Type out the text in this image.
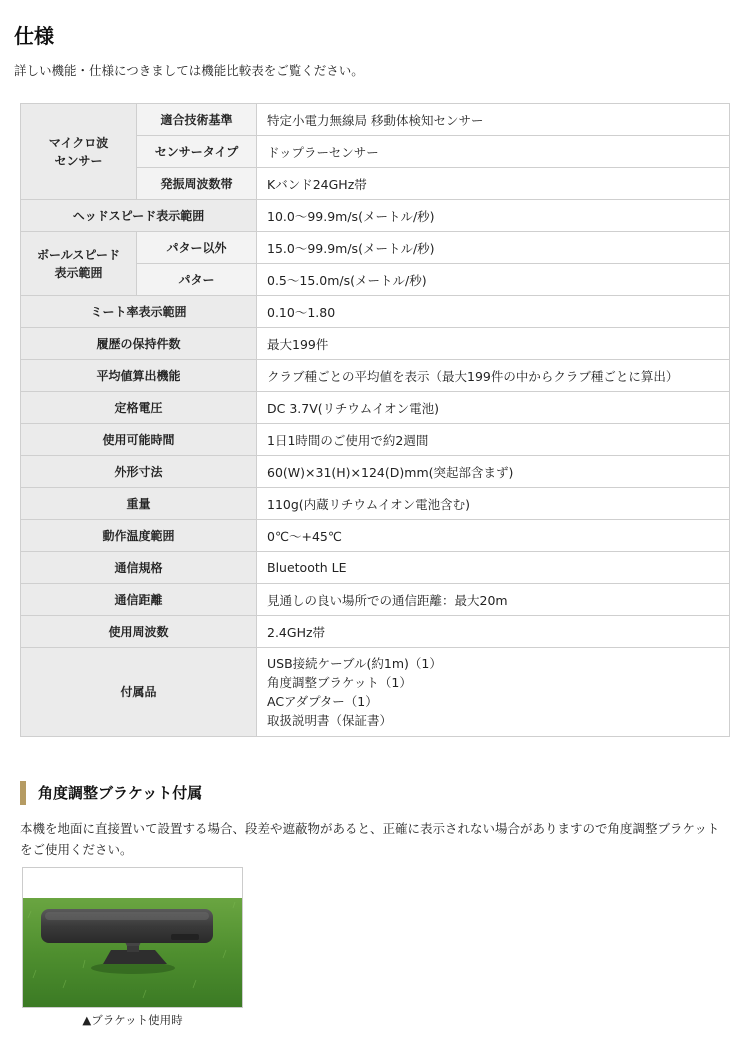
仕様

詳しい機能・仕様につきましては機能比較表をご覧ください。

マイクロ波
センサー	適合技術基準	特定小電力無線局 移動体検知センサー
	センサータイプ	ドップラーセンサー
	発振周波数帯	Kバンド24GHz帯
ヘッドスピード表示範囲		10.0～99.9m/s(メートル/秒)
ボールスピード
表示範囲	パター以外	15.0～99.9m/s(メートル/秒)
	パター	0.5～15.0m/s(メートル/秒)
ミート率表示範囲		0.10～1.80
履歴の保持件数		最大199件
平均値算出機能		クラブ種ごとの平均値を表示（最大199件の中からクラブ種ごとに算出）
定格電圧		DC 3.7V(リチウムイオン電池)
使用可能時間		1日1時間のご使用で約2週間
外形寸法		60(W)×31(H)×124(D)mm(突起部含まず)
重量		110g(内蔵リチウムイオン電池含む)
動作温度範囲		0℃～+45℃
通信規格		Bluetooth LE
通信距離		見通しの良い場所での通信距離：最大20m
使用周波数		2.4GHz帯
付属品		USB接続ケーブル(約1m)（1）
角度調整ブラケット（1）
ACアダプター（1）
取扱説明書（保証書）
角度調整ブラケット付属

本機を地面に直接置いて設置する場合、段差や遮蔽物があると、正確に表示されない場合がありますので角度調整ブラケットをご使用ください。

▲ブラケット使用時
